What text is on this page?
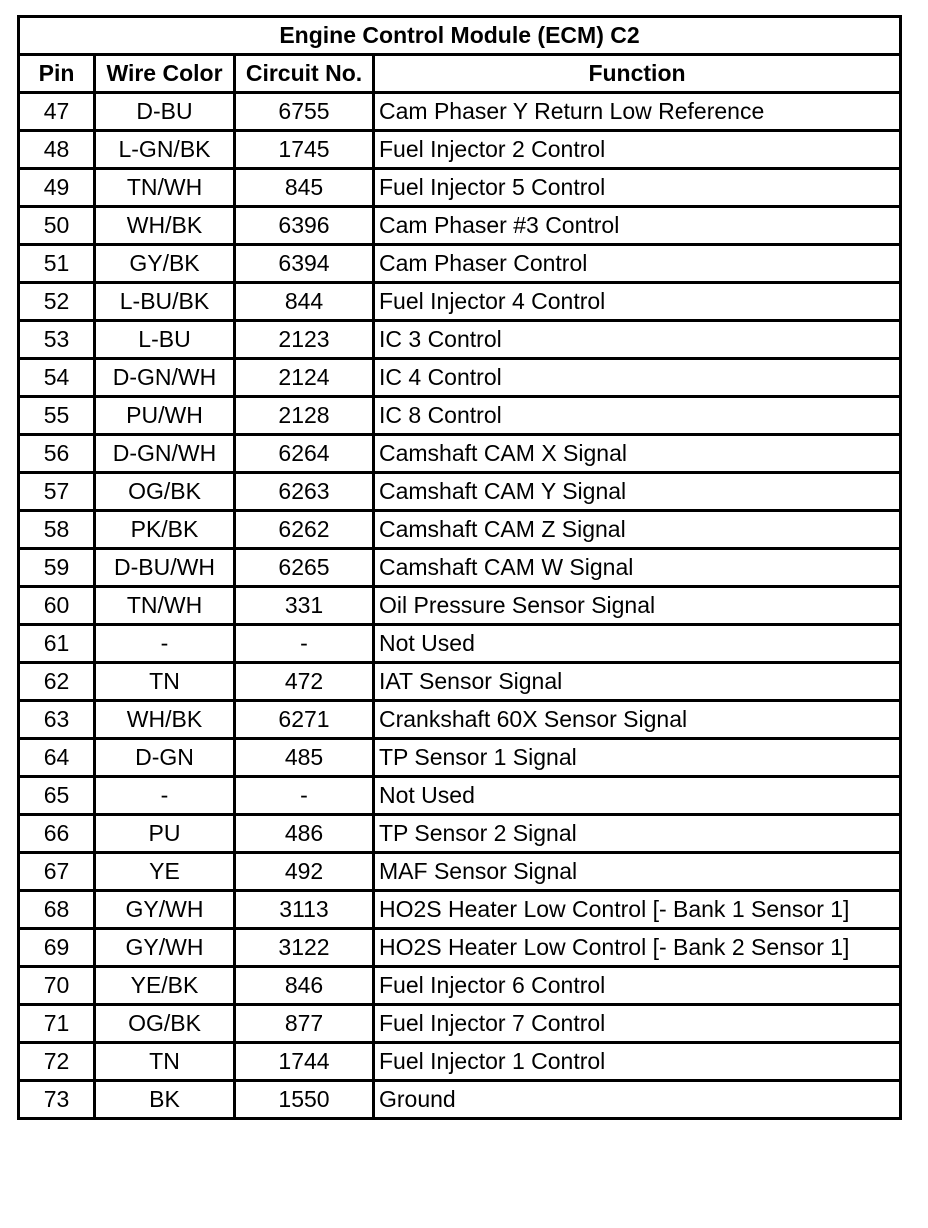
Engine Control Module (ECM) C2			
Pin	Wire Color	Circuit No.	Function
47	D-BU	6755	Cam Phaser Y Return Low Reference
48	L-GN/BK	1745	Fuel Injector 2 Control
49	TN/WH	845	Fuel Injector 5 Control
50	WH/BK	6396	Cam Phaser #3 Control
51	GY/BK	6394	Cam Phaser Control
52	L-BU/BK	844	Fuel Injector 4 Control
53	L-BU	2123	IC 3 Control
54	D-GN/WH	2124	IC 4 Control
55	PU/WH	2128	IC 8 Control
56	D-GN/WH	6264	Camshaft CAM X Signal
57	OG/BK	6263	Camshaft CAM Y Signal
58	PK/BK	6262	Camshaft CAM Z Signal
59	D-BU/WH	6265	Camshaft CAM W Signal
60	TN/WH	331	Oil Pressure Sensor Signal
61	-	-	Not Used
62	TN	472	IAT Sensor Signal
63	WH/BK	6271	Crankshaft 60X Sensor Signal
64	D-GN	485	TP Sensor 1 Signal
65	-	-	Not Used
66	PU	486	TP Sensor 2 Signal
67	YE	492	MAF Sensor Signal
68	GY/WH	3113	HO2S Heater Low Control [- Bank 1 Sensor 1]
69	GY/WH	3122	HO2S Heater Low Control [- Bank 2 Sensor 1]
70	YE/BK	846	Fuel Injector 6 Control
71	OG/BK	877	Fuel Injector 7 Control
72	TN	1744	Fuel Injector 1 Control
73	BK	1550	Ground
